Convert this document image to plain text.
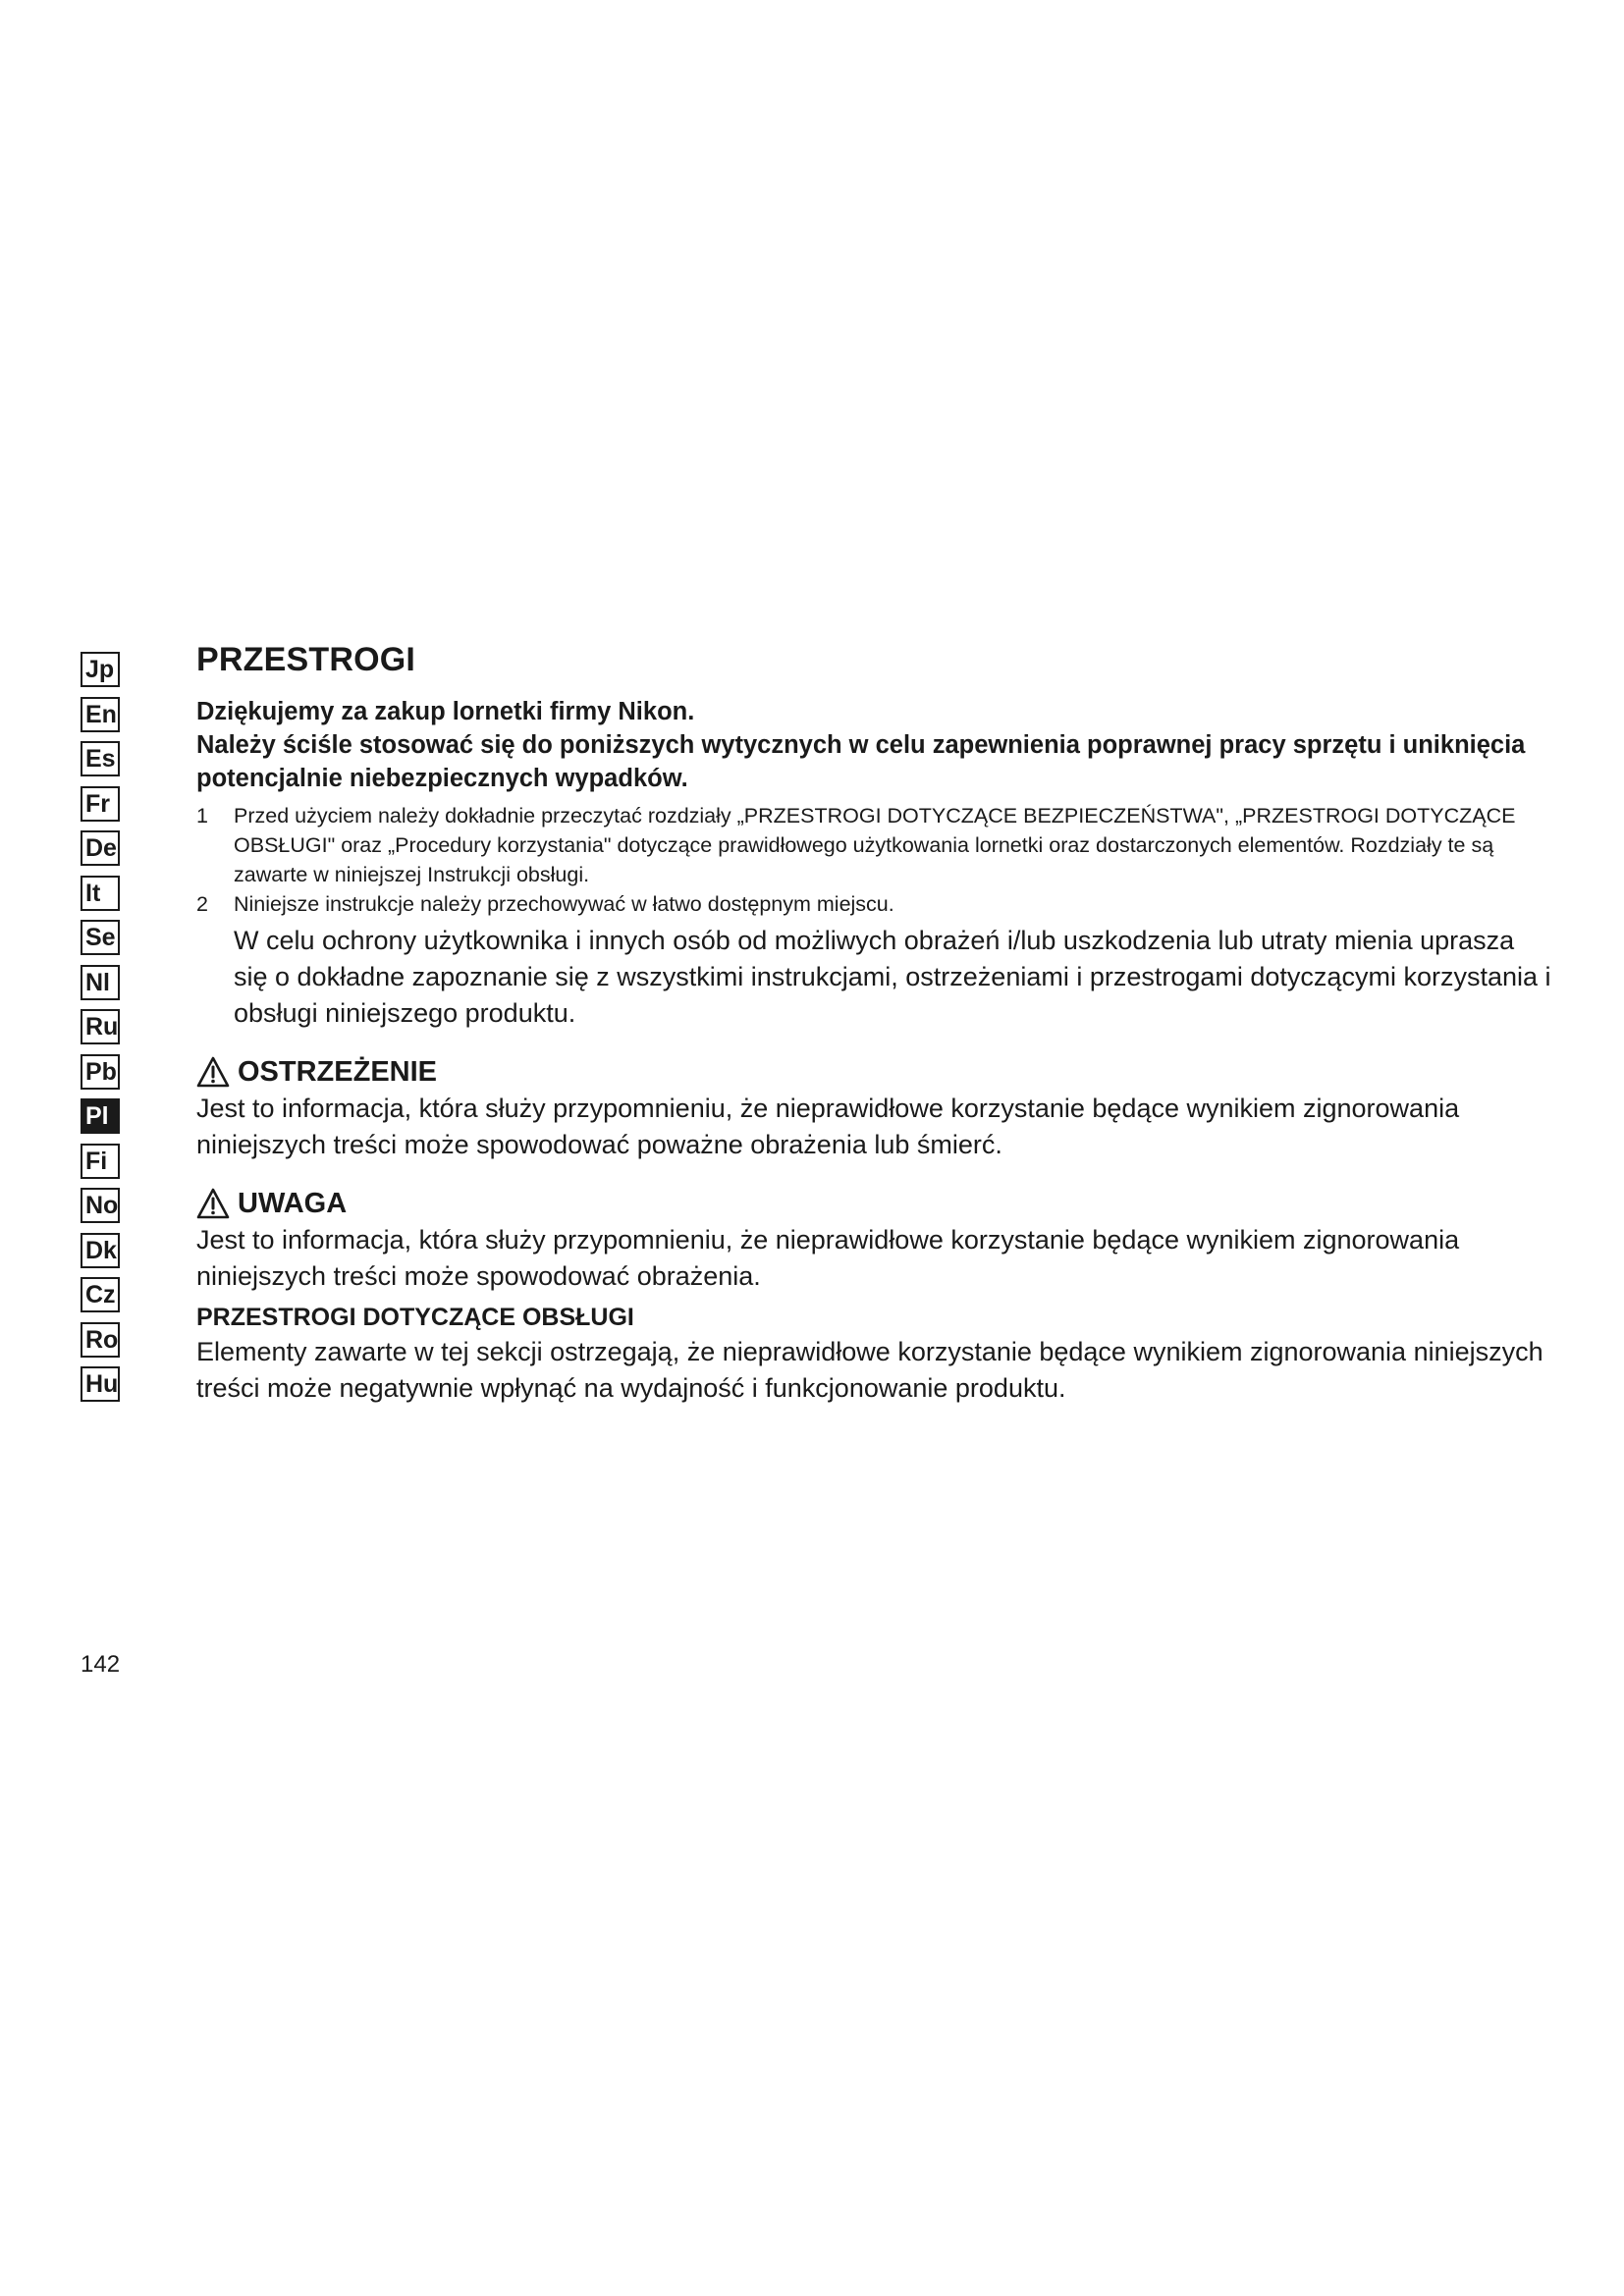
Jp
En
Es
Fr
De
It
Se
Nl
Ru
Pb
Pl
Fi
No
Dk
Cz
Ro
Hu
PRZESTROGI

Dziękujemy za zakup lornetki firmy Nikon.

Należy ściśle stosować się do poniższych wytycznych w celu zapewnienia poprawnej pracy sprzętu i uniknięcia potencjalnie niebezpiecznych wypadków.

1 Przed użyciem należy dokładnie przeczytać rozdziały „PRZESTROGI DOTYCZĄCE BEZPIECZEŃSTWA", „PRZESTROGI DOTYCZĄCE OBSŁUGI" oraz „Procedury korzystania" dotyczące prawidłowego użytkowania lornetki oraz dostarczonych elementów. Rozdziały te są zawarte w niniejszej Instrukcji obsługi.
2 Niniejsze instrukcje należy przechowywać w łatwo dostępnym miejscu.

W celu ochrony użytkownika i innych osób od możliwych obrażeń i/lub uszkodzenia lub utraty mienia uprasza się o dokładne zapoznanie się z wszystkimi instrukcjami, ostrzeżeniami i przestrogami dotyczącymi korzystania i obsługi niniejszego produktu.

OSTRZEŻENIE

Jest to informacja, która służy przypomnieniu, że nieprawidłowe korzystanie będące wynikiem zignorowania niniejszych treści może spowodować poważne obrażenia lub śmierć.

UWAGA

Jest to informacja, która służy przypomnieniu, że nieprawidłowe korzystanie będące wynikiem zignorowania niniejszych treści może spowodować obrażenia.

PRZESTROGI DOTYCZĄCE OBSŁUGI

Elementy zawarte w tej sekcji ostrzegają, że nieprawidłowe korzystanie będące wynikiem zignorowania niniejszych treści może negatywnie wpłynąć na wydajność i funkcjonowanie produktu.

142
